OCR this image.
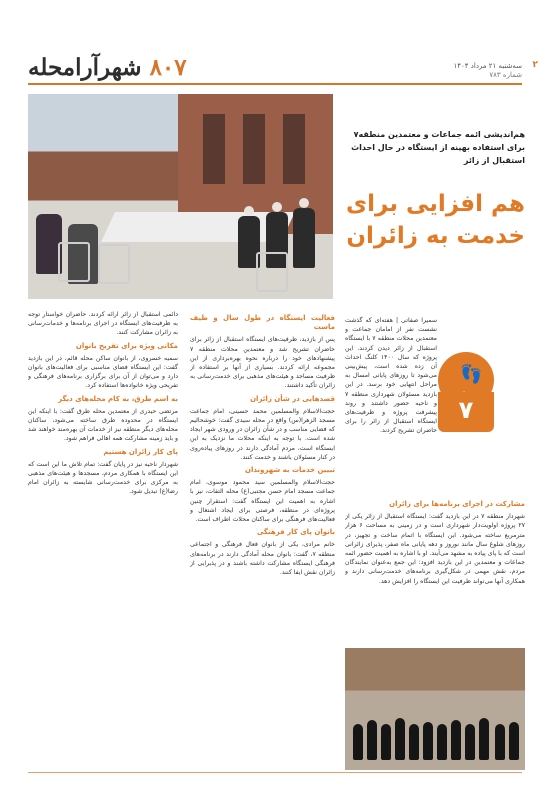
۸۰۷ شهرآرامحله	۲
سه‌شنبه ۲۱ مرداد ۱۴۰۴
شماره ۷۸۳
هم‌اندیشی ائمه جماعات و معتمدین منطقه۷ برای استفاده بهینه از ایستگاه در حال احداث استقبال از زائر
هم افزایی برای خدمت به زائران
👣
۷

سمیرا صفاتی | هفته‌ای که گذشت نشست نفر از امامان جماعت و معتمدین محلات منطقه ۷ با ایستگاه استقبال از زائر دیدن کردند. این پروژه که سال ۱۴۰۰ کلنگ احداث آن زده شده است، پیش‌بینی می‌شود تا روزهای پایانی امسال به مراحل انتهایی خود برسد. در این بازدید مسئولان شهرداری منطقه ۷ و ناحیه حضور داشتند و روند پیشرفت پروژه و ظرفیت‌های ایستگاه استقبال از زائر را برای حاضران تشریح کردند.

مشارکت در اجرای برنامه‌ها برای زائران

شهردار منطقه ۷ در این بازدید گفت: ایستگاه استقبال از زائر یکی از ۲۷ پروژه اولویت‌دار شهرداری است و در زمینی به مساحت ۶ هزار مترمربع ساخته می‌شود. این ایستگاه با اتمام ساخت و تجهیز، در روزهای شلوغ سال مانند نوروز و دهه پایانی ماه صفر، پذیرای زائرانی است که با پای پیاده به مشهد می‌آیند. او با اشاره به اهمیت حضور ائمه جماعات و معتمدین در این بازدید افزود: این جمع به‌عنوان نمایندگان مردم، نقش مهمی در شکل‌گیری برنامه‌های خدمت‌رسانی دارند و همکاری آنها می‌تواند ظرفیت این ایستگاه را افزایش دهد.

فعالیت ایستگاه در طول سال و طیف ماست

پس از بازدید، ظرفیت‌های ایستگاه استقبال از زائر برای حاضران تشریح شد و معتمدین محلات منطقه ۷ پیشنهادهای خود را درباره نحوه بهره‌برداری از این مجموعه ارائه کردند. بسیاری از آنها بر استفاده از ظرفیت مساجد و هیئت‌های مذهبی برای خدمت‌رسانی به زائران تأکید داشتند.

قصدهایی در شأن زائران

حجت‌الاسلام والمسلمین محمد حسینی، امام جماعت مسجد الزهرا(س) واقع در محله سیدی گفت: خوشحالیم که فضایی مناسب و در شأن زائران در ورودی شهر ایجاد شده است. با توجه به اینکه محلات ما نزدیک به این ایستگاه است، مردم آمادگی دارند در روزهای پیاده‌روی در کنار مسئولان باشند و خدمت کنند.

تبیین خدمات به شهروندان

حجت‌الاسلام والمسلمین سید محمود موسوی، امام جماعت مسجد امام حسن مجتبی(ع) محله التفات، نیز با اشاره به اهمیت این ایستگاه گفت: استقرار چنین پروژه‌ای در منطقه، فرصتی برای ایجاد اشتغال و فعالیت‌های فرهنگی برای ساکنان محلات اطراف است.

بانوان پای کار فرهنگی

خانم مرادی، یکی از بانوان فعال فرهنگی و اجتماعی منطقه ۷، گفت: بانوان محله آمادگی دارند در برنامه‌های فرهنگی ایستگاه مشارکت داشته باشند و در پذیرایی از زائران نقش ایفا کنند.

دائمی استقبال از زائر ارائه کردند. حاضران خواستار توجه به ظرفیت‌های ایستگاه در اجرای برنامه‌ها و خدمات‌رسانی به زائران مشارکت کنند.

مکانی ویژه برای تفریح بانوان

سمیه خسروی، از بانوان ساکن محله قائم، در این بازدید گفت: این ایستگاه فضای مناسبی برای فعالیت‌های بانوان دارد و می‌توان از آن برای برگزاری برنامه‌های فرهنگی و تفریحی ویژه خانواده‌ها استفاده کرد.

به اسم طرق، به کام محله‌های دیگر

مرتضی حیدری از معتمدین محله طرق گفت: با اینکه این ایستگاه در محدوده طرق ساخته می‌شود، ساکنان محله‌های دیگر منطقه نیز از خدمات آن بهره‌مند خواهند شد و باید زمینه مشارکت همه اهالی فراهم شود.

پای کار زائران هستیم

شهردار ناحیه نیز در پایان گفت: تمام تلاش ما این است که این ایستگاه با همکاری مردم، مسجدها و هیئت‌های مذهبی به مرکزی برای خدمت‌رسانی شایسته به زائران امام رضا(ع) تبدیل شود.
